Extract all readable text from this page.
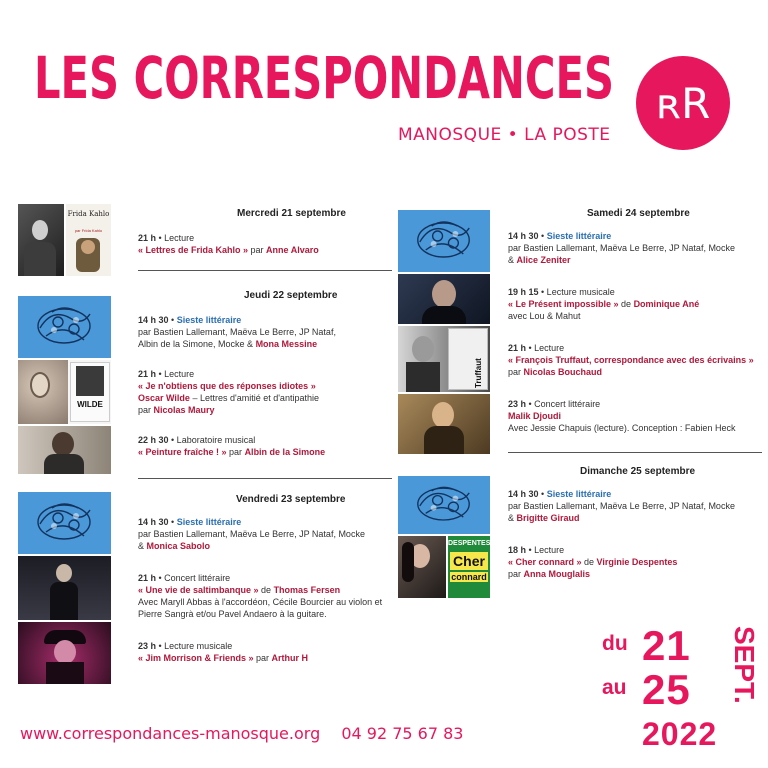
LES CORRESPONDANCES ʀR
MANOSQUE • LA POSTE
Frida Kahlo
par Frida Kahlo
WILDE
Truffaut
DESPENTES
Cher
connard
Mercredi 21 septembre
21 h • Lecture
« Lettres de Frida Kahlo » par Anne Alvaro
Jeudi 22 septembre
14 h 30 • Sieste littéraire
par Bastien Lallemant, Maëva Le Berre, JP Nataf,
Albin de la Simone, Mocke & Mona Messine
21 h • Lecture
« Je n'obtiens que des réponses idiotes »
Oscar Wilde – Lettres d'amitié et d'antipathie
par Nicolas Maury
22 h 30 • Laboratoire musical
« Peinture fraîche ! » par Albin de la Simone
Vendredi 23 septembre
14 h 30 • Sieste littéraire
par Bastien Lallemant, Maëva Le Berre, JP Nataf, Mocke
& Monica Sabolo
21 h • Concert littéraire
« Une vie de saltimbanque » de Thomas Fersen
Avec Maryll Abbas à l'accordéon, Cécile Bourcier au violon et
Pierre Sangrà et/ou Pavel Andaero à la guitare.
23 h • Lecture musicale
« Jim Morrison & Friends » par Arthur H
Samedi 24 septembre
14 h 30 • Sieste littéraire
par Bastien Lallemant, Maëva Le Berre, JP Nataf, Mocke
& Alice Zeniter
19 h 15 • Lecture musicale
« Le Présent impossible » de Dominique Ané
avec Lou & Mahut
21 h • Lecture
« François Truffaut, correspondance avec des écrivains »
par Nicolas Bouchaud
23 h • Concert littéraire
Malik Djoudi
Avec Jessie Chapuis (lecture). Conception : Fabien Heck
Dimanche 25 septembre
14 h 30 • Sieste littéraire
par Bastien Lallemant, Maëva Le Berre, JP Nataf, Mocke
& Brigitte Giraud
18 h • Lecture
« Cher connard » de Virginie Despentes
par Anna Mouglalis
du 21
au 25 SEPT.
2022
www.correspondances-manosque.org 04 92 75 67 83
